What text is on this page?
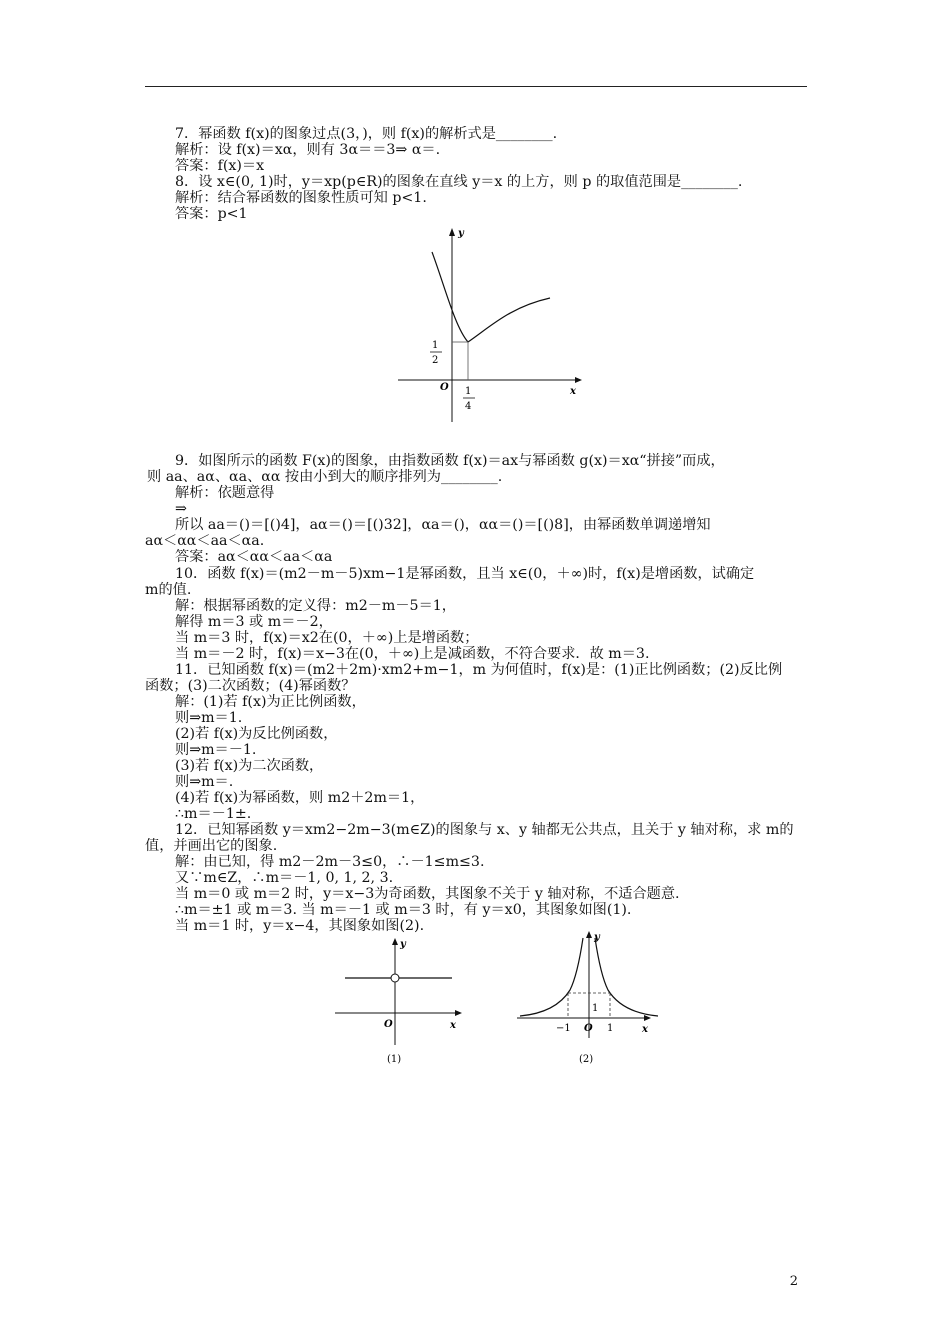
7．幂函数 f(x)的图象过点(3，)，则 f(x)的解析式是________.
解析：设 f(x)＝xα，则有 3α＝＝3⇒ α＝.
答案：f(x)＝x
8．设 x∈(0, 1)时，y＝xp(p∈R)的图象在直线 y＝x 的上方，则 p 的取值范围是________.
解析：结合幂函数的图象性质可知 p<1.
答案：p<1
y
x
O
1
2
1
4
9．如图所示的函数 F(x)的图象，由指数函数 f(x)＝ax与幂函数 g(x)＝xα“拼接”而成，
则 aa、aα、αa、αα 按由小到大的顺序排列为________.
解析：依题意得
⇒
所以 aa＝()＝[()4]，aα＝()＝[()32]，αa＝()，αα＝()＝[()8]，由幂函数单调递增知
aα＜αα＜aa＜αa.
答案：aα＜αα＜aa＜αa
10．函数 f(x)＝(m2－m－5)xm−1是幂函数，且当 x∈(0，＋∞)时，f(x)是增函数，试确定
m的值.
解：根据幂函数的定义得：m2－m－5＝1，
解得 m＝3 或 m＝－2，
当 m＝3 时，f(x)＝x2在(0，＋∞)上是增函数；
当 m＝－2 时，f(x)＝x−3在(0，＋∞)上是减函数，不符合要求．故 m＝3.
11．已知函数 f(x)＝(m2＋2m)·xm2+m−1，m 为何值时，f(x)是：(1)正比例函数；(2)反比例
函数；(3)二次函数；(4)幂函数？
解：(1)若 f(x)为正比例函数，
则⇒m＝1.
(2)若 f(x)为反比例函数，
则⇒m＝－1.
(3)若 f(x)为二次函数，
则⇒m＝.
(4)若 f(x)为幂函数，则 m2＋2m＝1，
∴m＝－1±.
12．已知幂函数 y＝xm2−2m−3(m∈Z)的图象与 x、y 轴都无公共点，且关于 y 轴对称，求 m的
值，并画出它的图象.
解：由已知，得 m2－2m－3≤0，∴－1≤m≤3.
又∵m∈Z，∴m＝－1, 0, 1, 2, 3.
当 m＝0 或 m＝2 时，y＝x−3为奇函数，其图象不关于 y 轴对称，不适合题意.
∴m＝±1 或 m＝3. 当 m＝－1 或 m＝3 时，有 y＝x0，其图象如图(1).
当 m＝1 时，y＝x−4，其图象如图(2).
y
x
O
(1)
y
x
1
O
−1	1
(2)
2
